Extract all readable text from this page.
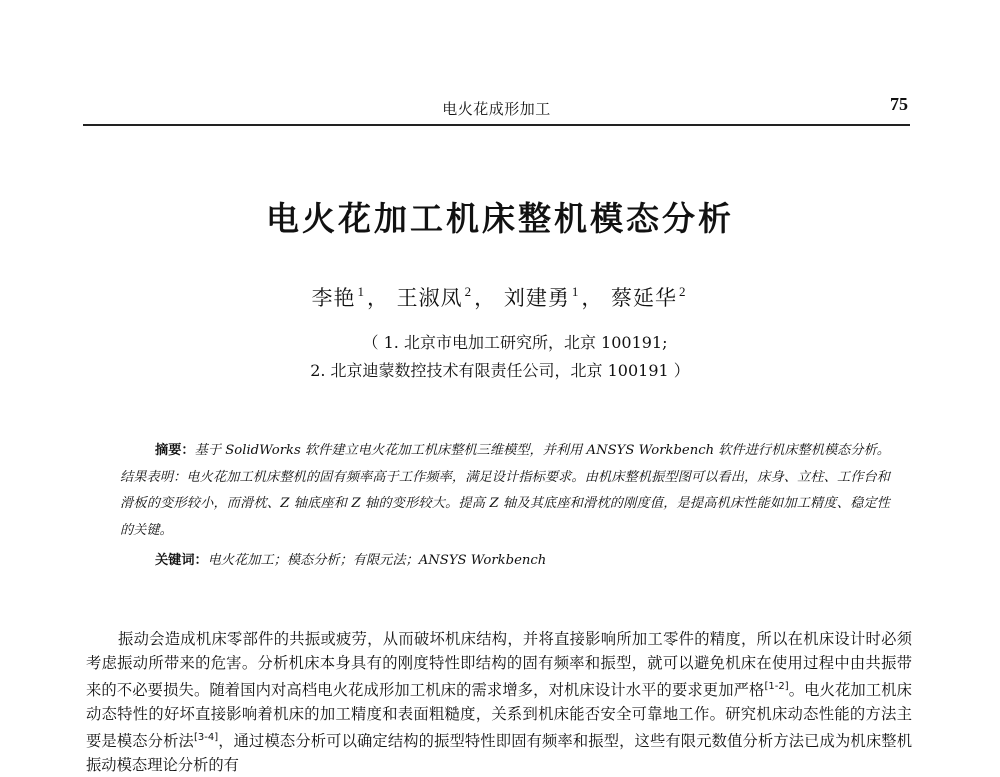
电火花成形加工	75
电火花加工机床整机模态分析
李艳 $^1$， 王淑凤 $^2$， 刘建勇 $^1$， 蔡延华 $^2$
（ 1. 北京市电加工研究所，北京 100191;
2. 北京迪蒙数控技术有限责任公司，北京 100191 ）
摘要：基于 SolidWorks 软件建立电火花加工机床整机三维模型，并利用 ANSYS Workbench 软件进行机床整机模态分析。结果表明：电火花加工机床整机的固有频率高于工作频率，满足设计指标要求。由机床整机振型图可以看出，床身、立柱、工作台和滑板的变形较小，而滑枕、Z 轴底座和 Z 轴的变形较大。提高 Z 轴及其底座和滑枕的刚度值，是提高机床性能如加工精度、稳定性的关键。
关键词：电火花加工；模态分析；有限元法；ANSYS Workbench
振动会造成机床零部件的共振或疲劳，从而破坏机床结构，并将直接影响所加工零件的精度，所以在机床设计时必须考虑振动所带来的危害。分析机床本身具有的刚度特性即结构的固有频率和振型，就可以避免机床在使用过程中由共振带来的不必要损失。随着国内对高档电火花成形加工机床的需求增多，对机床设计水平的要求更加严格[1-2]。电火花加工机床动态特性的好坏直接影响着机床的加工精度和表面粗糙度，关系到机床能否安全可靠地工作。研究机床动态性能的方法主要是模态分析法[3-4]，通过模态分析可以确定结构的振型特性即固有频率和振型，这些有限元数值分析方法已成为机床整机振动模态理论分析的有
